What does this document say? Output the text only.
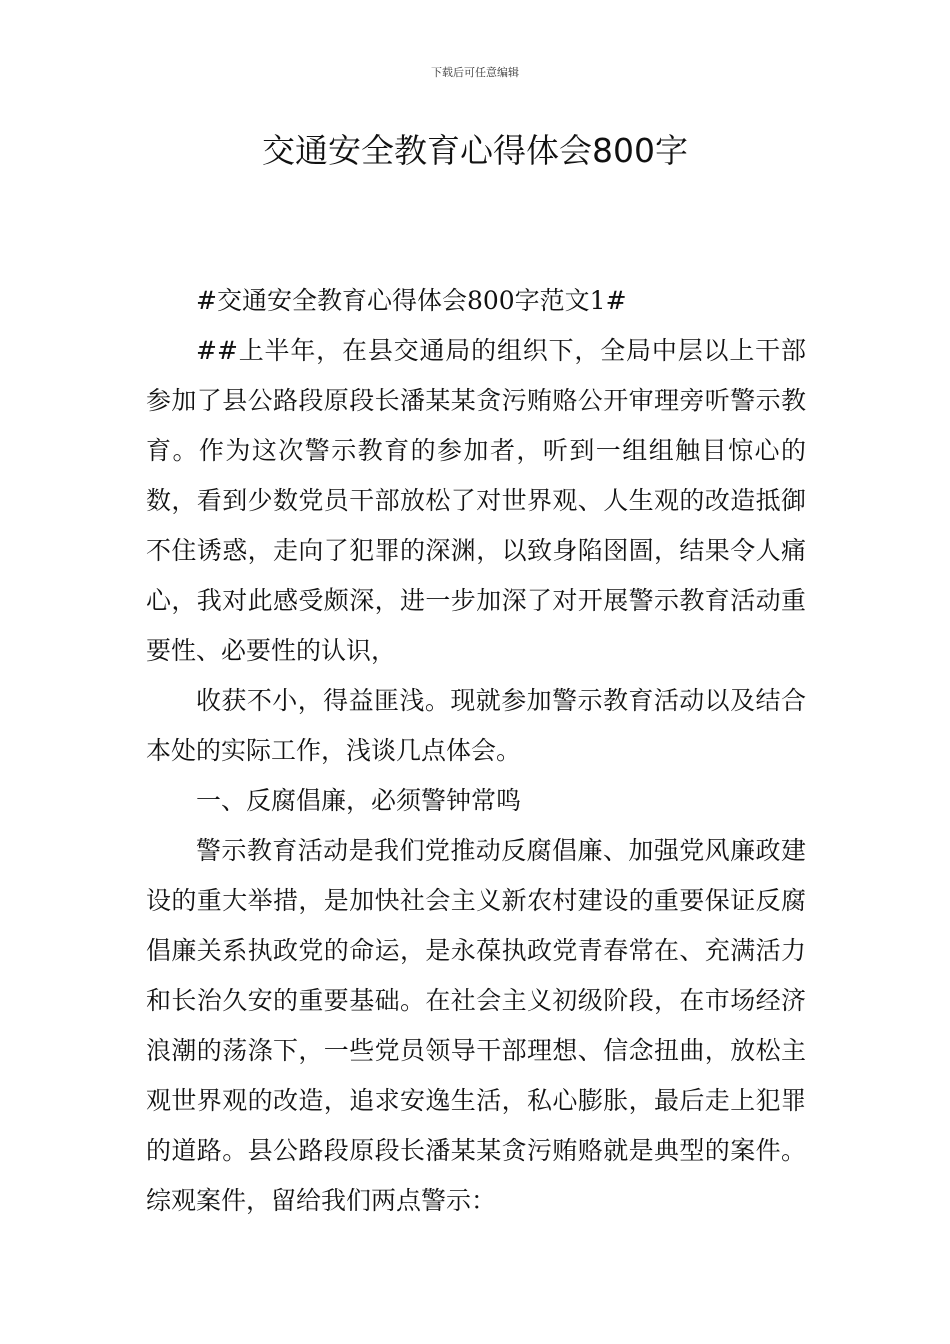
下载后可任意编辑
交通安全教育心得体会800字

#交通安全教育心得体会800字范文1#

##上半年，在县交通局的组织下，全局中层以上干部参加了县公路段原段长潘某某贪污贿赂公开审理旁听警示教育。作为这次警示教育的参加者，听到一组组触目惊心的数，看到少数党员干部放松了对世界观、人生观的改造抵御不住诱惑，走向了犯罪的深渊，以致身陷囹圄，结果令人痛心，我对此感受颇深，进一步加深了对开展警示教育活动重要性、必要性的认识，

收获不小，得益匪浅。现就参加警示教育活动以及结合本处的实际工作，浅谈几点体会。

一、反腐倡廉，必须警钟常鸣

警示教育活动是我们党推动反腐倡廉、加强党风廉政建设的重大举措，是加快社会主义新农村建设的重要保证反腐倡廉关系执政党的命运，是永葆执政党青春常在、充满活力和长治久安的重要基础。在社会主义初级阶段，在市场经济浪潮的荡涤下，一些党员领导干部理想、信念扭曲，放松主观世界观的改造，追求安逸生活，私心膨胀，最后走上犯罪的道路。县公路段原段长潘某某贪污贿赂就是典型的案件。综观案件，留给我们两点警示：
